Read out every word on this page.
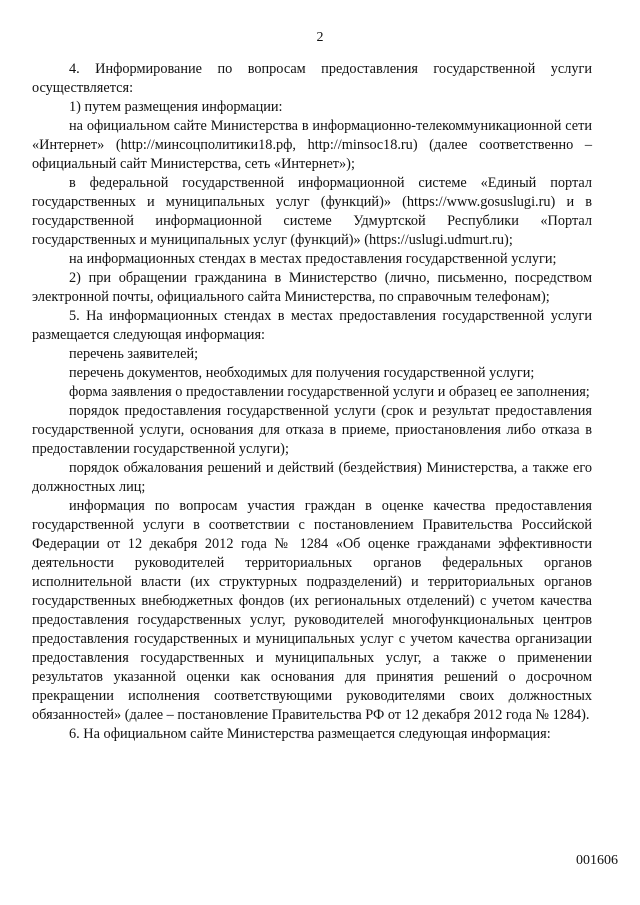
2

4. Информирование по вопросам предоставления государственной услуги осуществляется:

1) путем размещения информации:

на официальном сайте Министерства в информационно-телекоммуникационной сети «Интернет» (http://минсоцполитики18.рф, http://minsoc18.ru) (далее соответственно – официальный сайт Министерства, сеть «Интернет»);

в федеральной государственной информационной системе «Единый портал государственных и муниципальных услуг (функций)» (https://www.gosuslugi.ru) и в государственной информационной системе Удмуртской Республики «Портал государственных и муниципальных услуг (функций)» (https://uslugi.udmurt.ru);

на информационных стендах в местах предоставления государственной услуги;

2) при обращении гражданина в Министерство (лично, письменно, посредством электронной почты, официального сайта Министерства, по справочным телефонам);

5. На информационных стендах в местах предоставления государственной услуги размещается следующая информация:

перечень заявителей;

перечень документов, необходимых для получения государственной услуги;

форма заявления о предоставлении государственной услуги и образец ее заполнения;

порядок предоставления государственной услуги (срок и результат предоставления государственной услуги, основания для отказа в приеме, приостановления либо отказа в предоставлении государственной услуги);

порядок обжалования решений и действий (бездействия) Министерства, а также его должностных лиц;

информация по вопросам участия граждан в оценке качества предоставления государственной услуги в соответствии с постановлением Правительства Российской Федерации от 12 декабря 2012 года № 1284 «Об оценке гражданами эффективности деятельности руководителей территориальных органов федеральных органов исполнительной власти (их структурных подразделений) и территориальных органов государственных внебюджетных фондов (их региональных отделений) с учетом качества предоставления государственных услуг, руководителей многофункциональных центров предоставления государственных и муниципальных услуг с учетом качества организации предоставления государственных и муниципальных услуг, а также о применении результатов указанной оценки как основания для принятия решений о досрочном прекращении исполнения соответствующими руководителями своих должностных обязанностей» (далее – постановление Правительства РФ от 12 декабря 2012 года № 1284).

6. На официальном сайте Министерства размещается следующая информация:

001606
